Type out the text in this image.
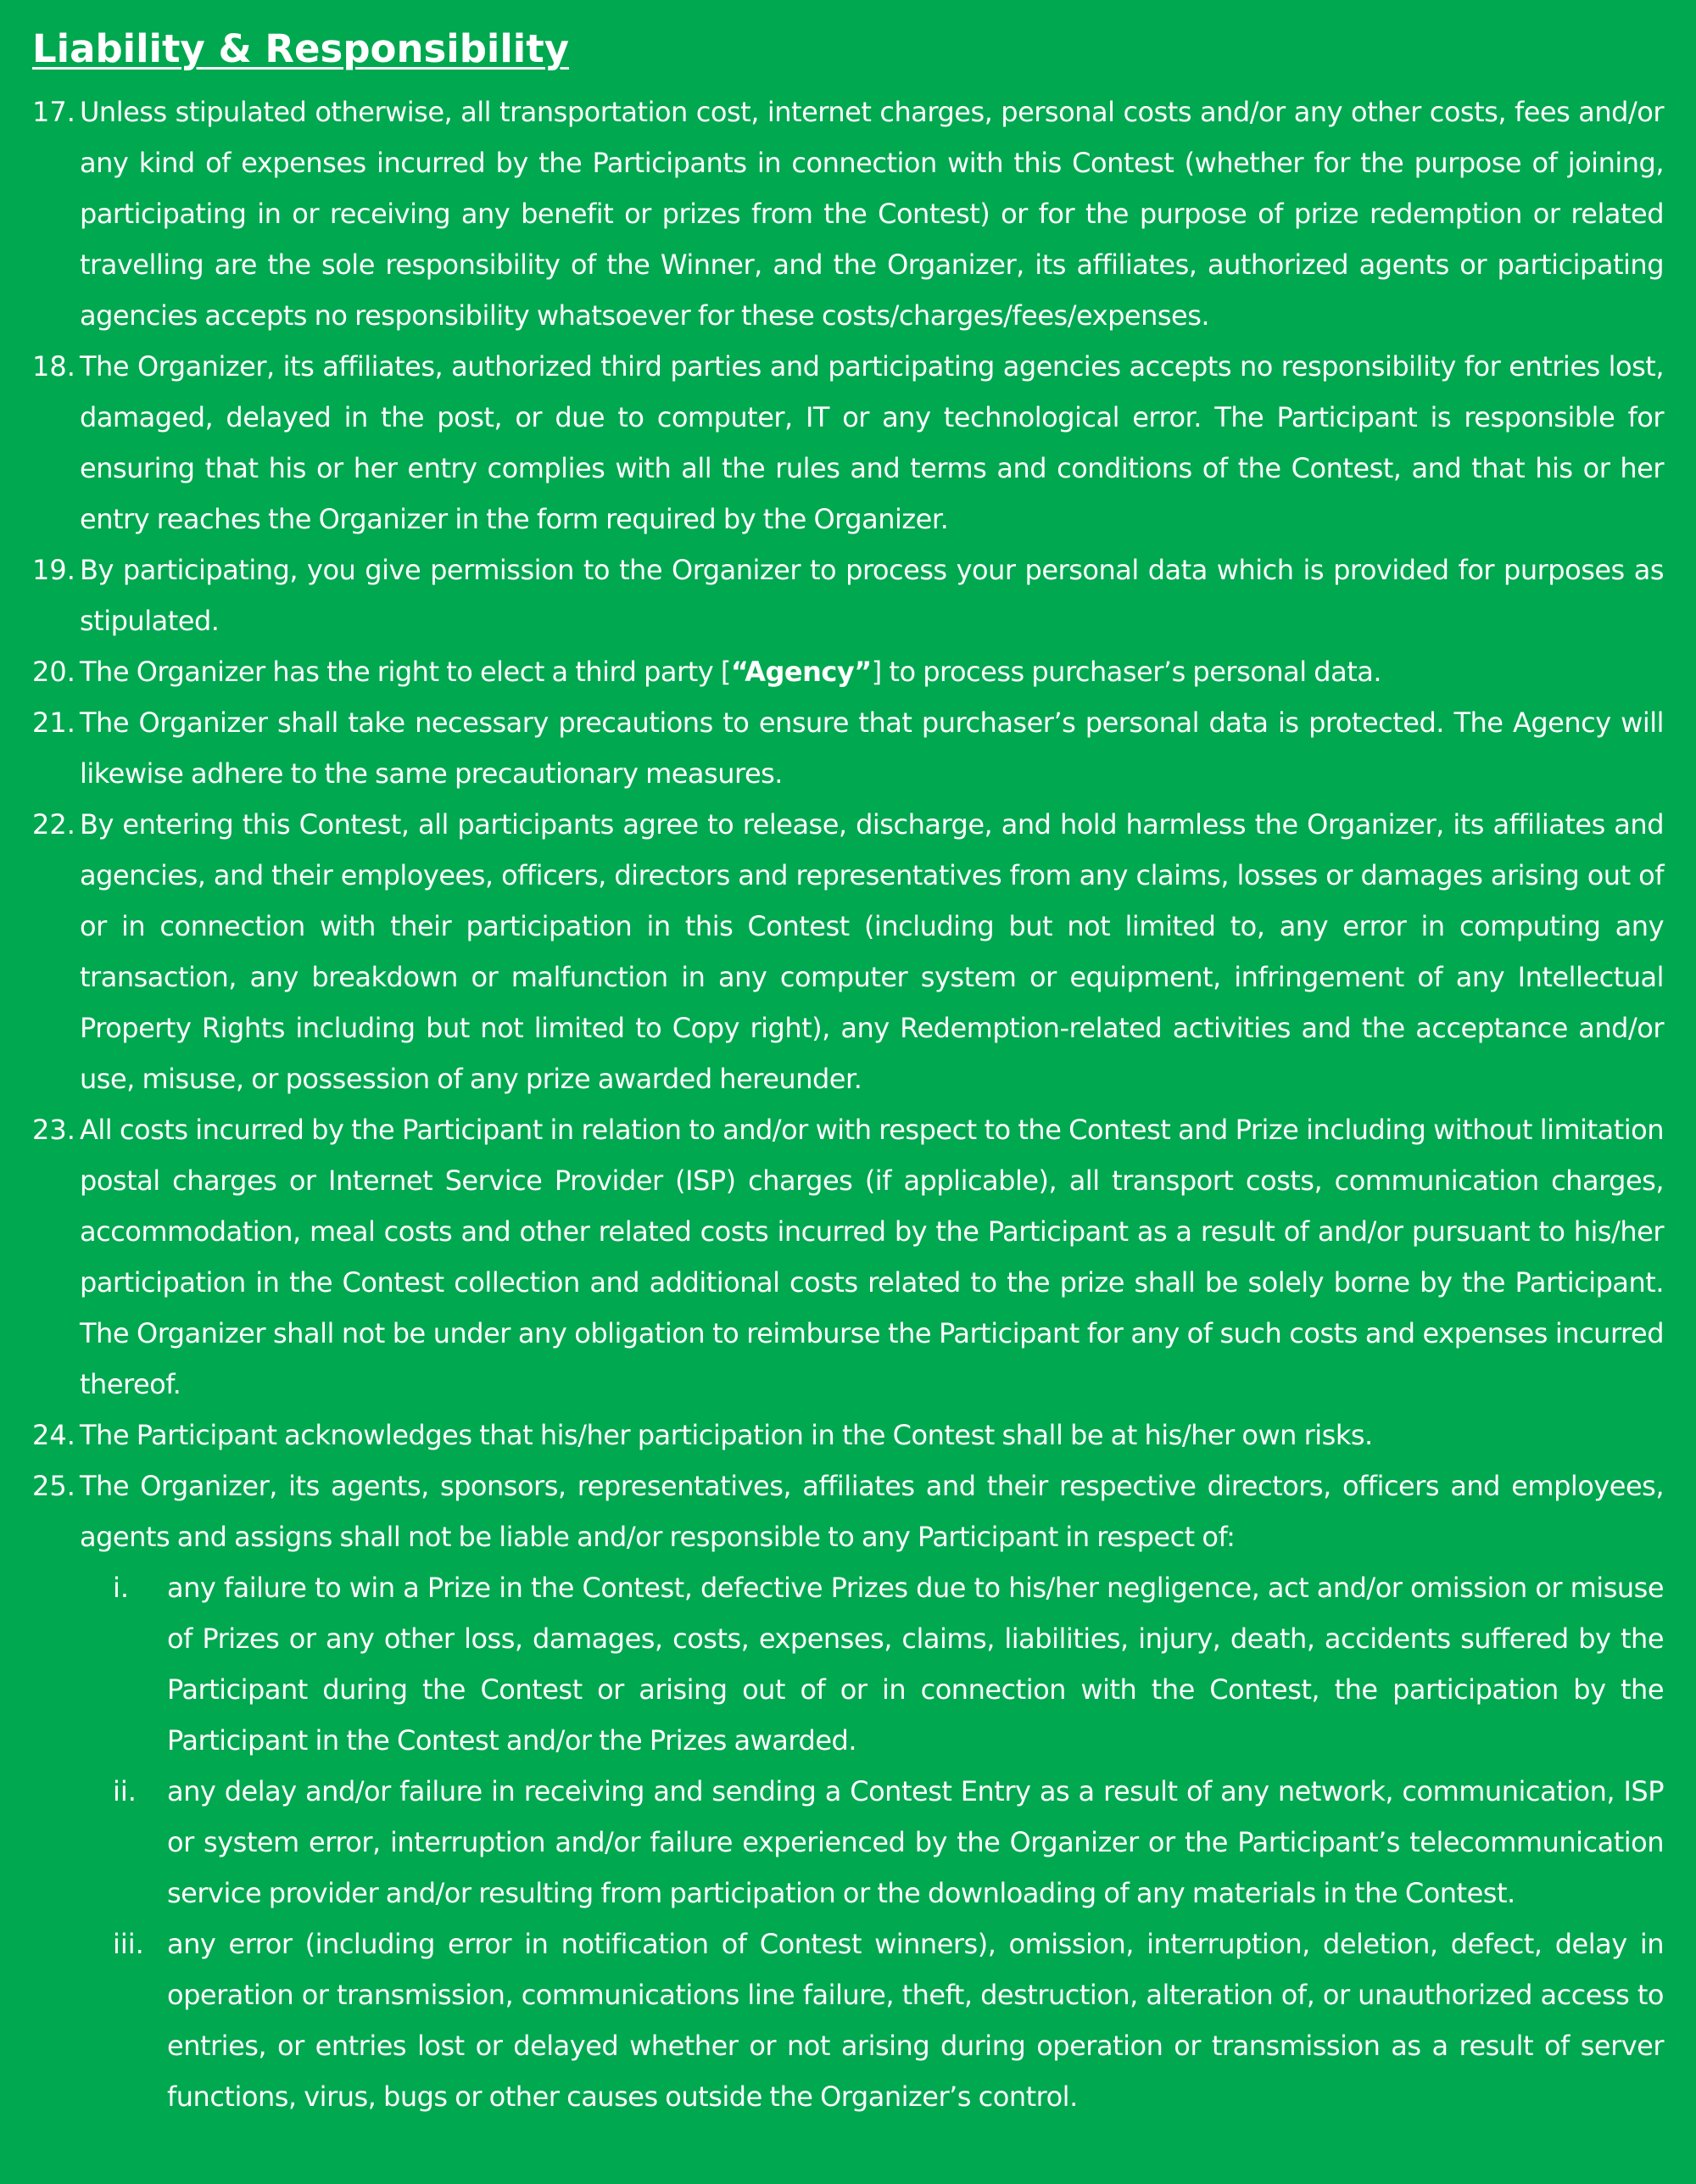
Liability & Responsibility
17. Unless stipulated otherwise, all transportation cost, internet charges, personal costs and/or any other costs, fees and/or any kind of expenses incurred by the Participants in connection with this Contest (whether for the purpose of joining, participating in or receiving any benefit or prizes from the Contest) or for the purpose of prize redemption or related travelling are the sole responsibility of the Winner, and the Organizer, its affiliates, authorized agents or participating agencies accepts no responsibility whatsoever for these costs/charges/fees/expenses.
18. The Organizer, its affiliates, authorized third parties and participating agencies accepts no responsibility for entries lost, damaged, delayed in the post, or due to computer, IT or any technological error. The Participant is responsible for ensuring that his or her entry complies with all the rules and terms and conditions of the Contest, and that his or her entry reaches the Organizer in the form required by the Organizer.
19. By participating, you give permission to the Organizer to process your personal data which is provided for purposes as stipulated.
20. The Organizer has the right to elect a third party [“Agency”] to process purchaser’s personal data.
21. The Organizer shall take necessary precautions to ensure that purchaser’s personal data is protected. The Agency will likewise adhere to the same precautionary measures.
22. By entering this Contest, all participants agree to release, discharge, and hold harmless the Organizer, its affiliates and agencies, and their employees, officers, directors and representatives from any claims, losses or damages arising out of or in connection with their participation in this Contest (including but not limited to, any error in computing any transaction, any breakdown or malfunction in any computer system or equipment, infringement of any Intellectual Property Rights including but not limited to Copy right), any Redemption-related activities and the acceptance and/or use, misuse, or possession of any prize awarded hereunder.
23. All costs incurred by the Participant in relation to and/or with respect to the Contest and Prize including without limitation postal charges or Internet Service Provider (ISP) charges (if applicable), all transport costs, communication charges, accommodation, meal costs and other related costs incurred by the Participant as a result of and/or pursuant to his/her participation in the Contest collection and additional costs related to the prize shall be solely borne by the Participant. The Organizer shall not be under any obligation to reimburse the Participant for any of such costs and expenses incurred thereof.
24. The Participant acknowledges that his/her participation in the Contest shall be at his/her own risks.
25. The Organizer, its agents, sponsors, representatives, affiliates and their respective directors, officers and employees, agents and assigns shall not be liable and/or responsible to any Participant in respect of:
i.	any failure to win a Prize in the Contest, defective Prizes due to his/her negligence, act and/or omission or misuse of Prizes or any other loss, damages, costs, expenses, claims, liabilities, injury, death, accidents suffered by the Participant during the Contest or arising out of or in connection with the Contest, the participation by the Participant in the Contest and/or the Prizes awarded.
ii.	any delay and/or failure in receiving and sending a Contest Entry as a result of any network, communication, ISP or system error, interruption and/or failure experienced by the Organizer or the Participant’s telecommunication service provider and/or resulting from participation or the downloading of any materials in the Contest.
iii. any error (including error in notification of Contest winners), omission, interruption, deletion, defect, delay in operation or transmission, communications line failure, theft, destruction, alteration of, or unauthorized access to entries, or entries lost or delayed whether or not arising during operation or transmission as a result of server functions, virus, bugs or other causes outside the Organizer’s control.
